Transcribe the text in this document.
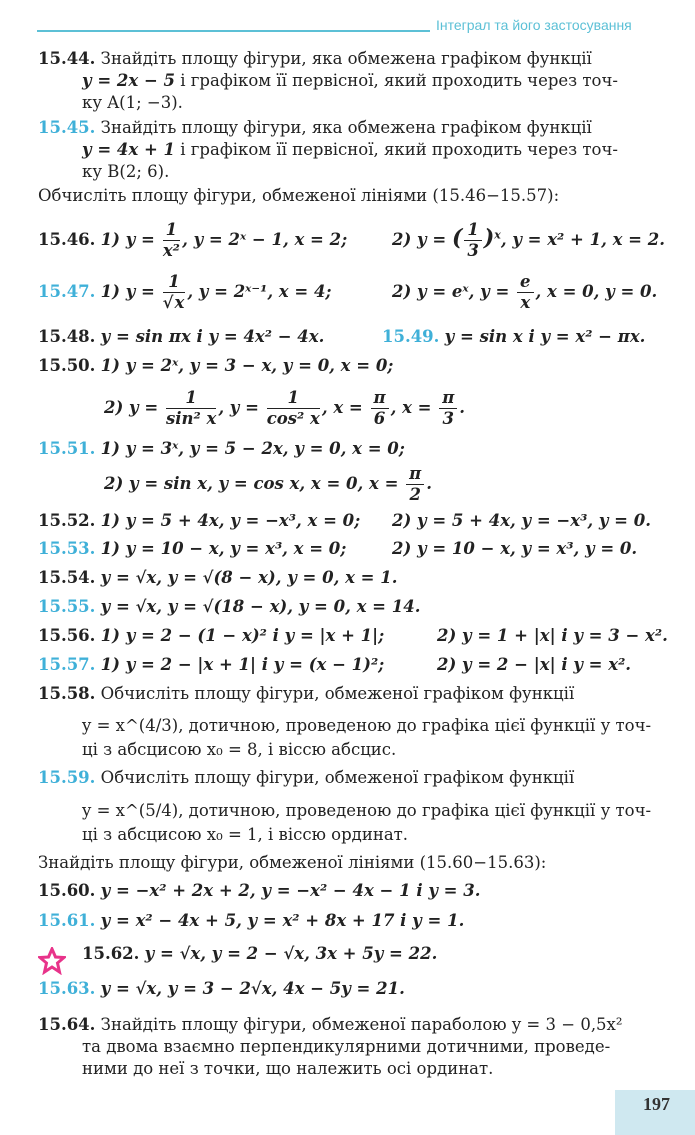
Інтеграл та його застосування
15.44. Знайдіть площу фігури, яка обмежена графіком функції
y = 2x − 5 і графіком її первісної, який проходить через точ-
ку A(1; −3).
15.45. Знайдіть площу фігури, яка обмежена графіком функції
y = 4x + 1 і графіком її первісної, який проходить через точ-
ку B(2; 6).
Обчисліть площу фігури, обмеженої лініями (15.46−15.57):
15.46. 1) $y = \frac{1}{\text{x²}}$ , y = 2ˣ − 1, x = 2;	2) y = ( $\frac{1}{3} )^x$, y = x² + 1, x = 2.
15.47. 1) $y = \frac{1}{√x}$ , y = 2ˣ⁻¹, x = 4;	2) y = eˣ, $y = \frac{e}{x}$ , x = 0, y = 0.
15.48. y = sin πx і y = 4x² − 4x.	15.49. y = sin x і y = x² − πx.
15.50. 1) y = 2ˣ, y = 3 − x, y = 0, x = 0;
2) $y = \frac{1}{\text{sin² x}}$ , $y = \frac{1}{\text{cos² x}}$ , $x = \frac{\pi}{6}$ , $x = \frac{\pi}{3}$ .
15.51. 1) y = 3ˣ, y = 5 − 2x, y = 0, x = 0;
2) y = sin x, y = cos x, x = 0, $x = \frac{\pi}{2}$ .
15.52. 1) y = 5 + 4x, y = −x³, x = 0; 2) y = 5 + 4x, y = −x³, y = 0.
15.53. 1) y = 10 − x, y = x³, x = 0;	2) y = 10 − x, y = x³, y = 0.
15.54. y = √x, y = √(8 − x), y = 0, x = 1.
15.55. y = √x, y = √(18 − x), y = 0, x = 14.
15.56. 1) y = 2 − (1 − x)² і y = |x + 1|;	2) y = 1 + |x| і y = 3 − x².
15.57. 1) y = 2 − |x + 1| і y = (x − 1)²;	2) y = 2 − |x| і y = x².
15.58. Обчисліть площу фігури, обмеженої графіком функції
y = x^(4/3), дотичною, проведеною до графіка цієї функції у точ-
ці з абсцисою x₀ = 8, і віссю абсцис.
15.59. Обчисліть площу фігури, обмеженої графіком функції
y = x^(5/4), дотичною, проведеною до графіка цієї функції у точ-
ці з абсцисою x₀ = 1, і віссю ординат.
Знайдіть площу фігури, обмеженої лініями (15.60−15.63):
15.60. y = −x² + 2x + 2, y = −x² − 4x − 1 і y = 3.
15.61. y = x² − 4x + 5, y = x² + 8x + 17 і y = 1.
15.62. y = √x, y = 2 − √x, 3x + 5y = 22.
15.63. y = √x, y = 3 − 2√x, 4x − 5y = 21.
15.64. Знайдіть площу фігури, обмеженої параболою y = 3 − 0,5x²
та двома взаємно перпендикулярними дотичними, проведе-
ними до неї з точки, що належить осі ординат.
197
